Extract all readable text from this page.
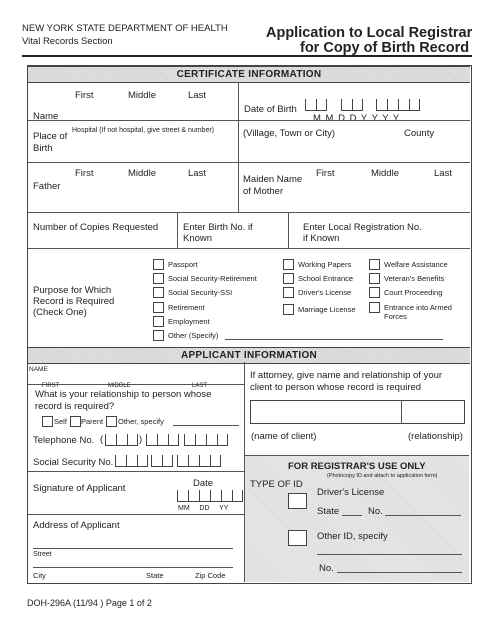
NEW YORK STATE DEPARTMENT OF HEALTH
Vital Records Section
Application to Local Registrar
for Copy of Birth Record
CERTIFICATE INFORMATION
First	Middle	Last
Name
Date of Birth
M M D D Y Y Y Y
Place of
Birth
Hospital (If not hospital, give street & number)	(Village, Town or City)	County
First	Middle	Last
Father
Maiden Name of Mother
First	Middle	Last
Number of Copies Requested	Enter Birth No. if Known
Enter Local Registration No. if Known
Purpose for Which Record is Required (Check One)
Passport
Social Security-Retirement
Social Security-SSI
Retirement
Employment
Other (Specify)
Working Papers
School Entrance
Driver's License
Marriage License
Welfare Assistance
Veteran's Benefits
Court Proceeding
Entrance into Armed Forces
APPLICANT INFORMATION
NAME
FIRST	MIDDLE	LAST
What is your relationship to person whose record is required?
Self Parent Other, specify
Telephone No. (	)
Social Security No.
Signature of Applicant	Date
MM     DD     YY
Address of Applicant
Street
City	State	Zip Code
If attorney, give name and relationship of your client to person whose record is required
(name of client)	(relationship)
FOR REGISTRAR'S USE ONLY
(Photocopy ID and attach to application form)
TYPE OF ID
Driver's License
State	No.
Other ID, specify
No.
DOH-296A (11/94 ) Page 1 of 2
